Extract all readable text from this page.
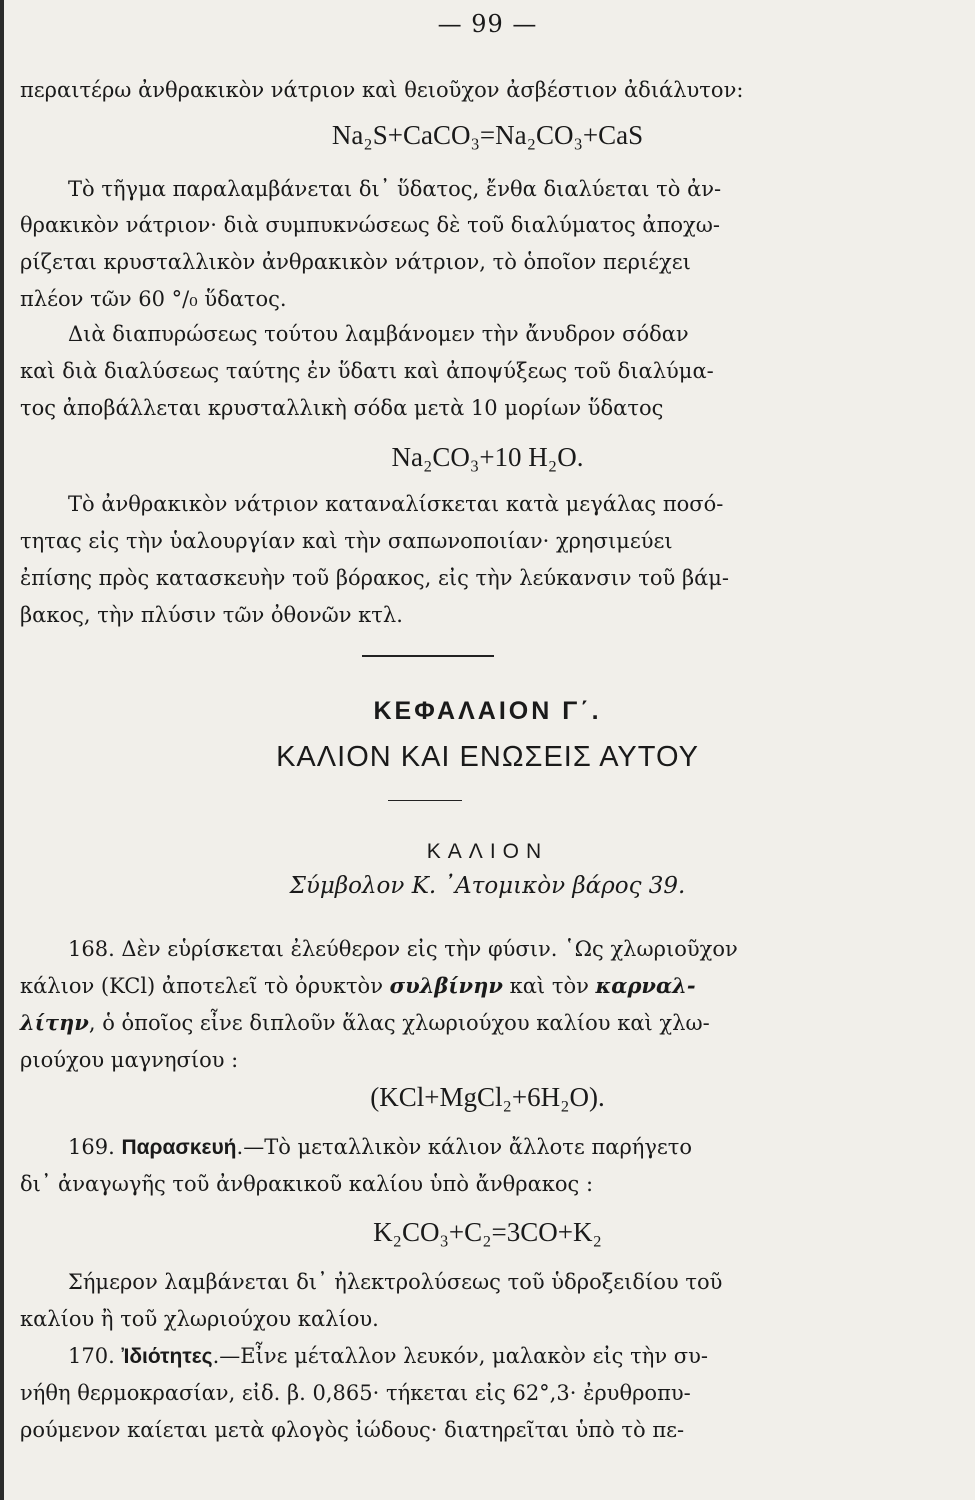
— 99 —
περαιτέρω ἀνθρακικὸν νάτριον καὶ θειοῦχον ἀσβέστιον ἀδιάλυτον:
Na₂S+CaCO₃=Na₂CO₃+CaS
Τὸ τῆγμα παραλαμβάνεται δι᾿ ὕδατος, ἔνθα διαλύεται τὸ ἀν-
θρακικὸν νάτριον· διὰ συμπυκνώσεως δὲ τοῦ διαλύματος ἀποχω-
ρίζεται κρυσταλλικὸν ἀνθρακικὸν νάτριον, τὸ ὁποῖον περιέχει
πλέον τῶν 60 °/₀ ὕδατος.
Διὰ διαπυρώσεως τούτου λαμβάνομεν τὴν ἄνυδρον σόδαν
καὶ διὰ διαλύσεως ταύτης ἐν ὕδατι καὶ ἀποψύξεως τοῦ διαλύμα-
τος ἀποβάλλεται κρυσταλλικὴ σόδα μετὰ 10 μορίων ὕδατος
Na₂CO₃+10 H₂O.
Τὸ ἀνθρακικὸν νάτριον καταναλίσκεται κατὰ μεγάλας ποσό-
τητας εἰς τὴν ὑαλουργίαν καὶ τὴν σαπωνοποιίαν· χρησιμεύει
ἐπίσης πρὸς κατασκευὴν τοῦ βόρακος, εἰς τὴν λεύκανσιν τοῦ βάμ-
βακος, τὴν πλύσιν τῶν ὀθονῶν κτλ.
ΚΕΦΑΛΑΙΟΝ Γ΄.
ΚΑΛΙΟΝ ΚΑΙ ΕΝΩΣΕΙΣ ΑΥΤΟΥ
ΚΑΛΙΟΝ
Σύμβολον Κ. ᾿Ατομικὸν βάρος 39.
168. Δὲν εὑρίσκεται ἐλεύθερον εἰς τὴν φύσιν. ῾Ως χλωριοῦχον
κάλιον (KCl) ἀποτελεῖ τὸ ὀρυκτὸν συλβίνην καὶ τὸν καρναλ-
λίτην, ὁ ὁποῖος εἶνε διπλοῦν ἅλας χλωριούχου καλίου καὶ χλω-
ριούχου μαγνησίου :
(KCl+MgCl₂+6H₂O).
169. Παρασκευή.—Τὸ μεταλλικὸν κάλιον ἄλλοτε παρήγετο
δι᾿ ἀναγωγῆς τοῦ ἀνθρακικοῦ καλίου ὑπὸ ἄνθρακος :
K₂CO₃+C₂=3CO+K₂
Σήμερον λαμβάνεται δι᾿ ἠλεκτρολύσεως τοῦ ὑδροξειδίου τοῦ
καλίου ἢ τοῦ χλωριούχου καλίου.
170. Ἰδιότητες.—Εἶνε μέταλλον λευκόν, μαλακὸν εἰς τὴν συ-
νήθη θερμοκρασίαν, εἰδ. β. 0,865· τήκεται εἰς 62°,3· ἐρυθροπυ-
ρούμενον καίεται μετὰ φλογὸς ἰώδους· διατηρεῖται ὑπὸ τὸ πε-
